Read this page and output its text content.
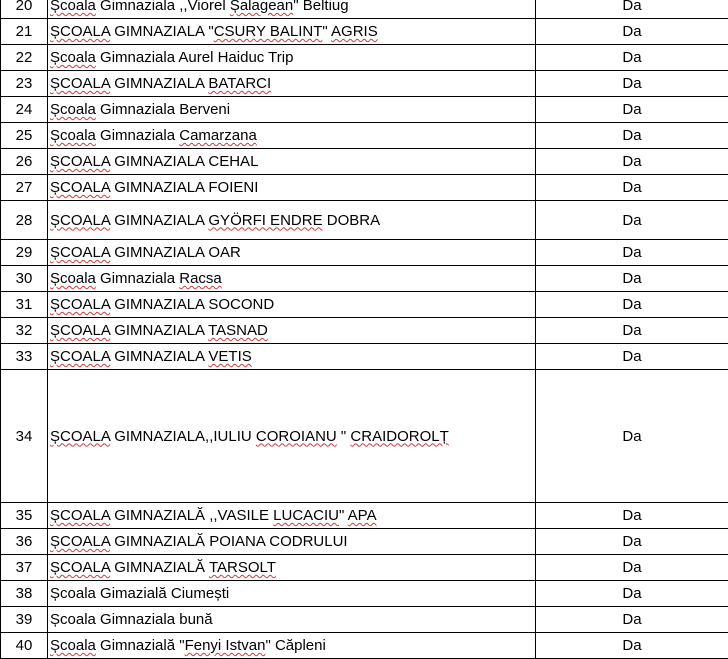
20	Școala Gimnaziala ,,Viorel Șalagean" Beltiug	Da
21	ȘCOALA GIMNAZIALA "CSURY BALINT" AGRIS	Da
22	Școala Gimnaziala Aurel Haiduc Trip	Da
23	ȘCOALA GIMNAZIALA BATARCI	Da
24	Școala Gimnaziala Berveni	Da
25	Școala Gimnaziala Camarzana	Da
26	ȘCOALA GIMNAZIALA CEHAL	Da
27	ȘCOALA GIMNAZIALA FOIENI	Da
28	ȘCOALA GIMNAZIALA GYÖRFI ENDRE DOBRA	Da
29	ȘCOALA GIMNAZIALA OAR	Da
30	Școala Gimnaziala Racsa	Da
31	ȘCOALA GIMNAZIALA SOCOND	Da
32	ȘCOALA GIMNAZIALA TASNAD	Da
33	ȘCOALA GIMNAZIALA VETIS	Da
34	ȘCOALA GIMNAZIALA,,IULIU COROIANU " CRAIDOROLȚ	Da
35	ȘCOALA GIMNAZIALĂ ,,VASILE LUCACIU" APA	Da
36	ȘCOALA GIMNAZIALĂ POIANA CODRULUI	Da
37	ȘCOALA GIMNAZIALĂ TARSOLT	Da
38	Școala Gimazială Ciumești	Da
39	Școala Gimnaziala bună	Da
40	Școala Gimnazială "Fenyi Istvan" Căpleni	Da
